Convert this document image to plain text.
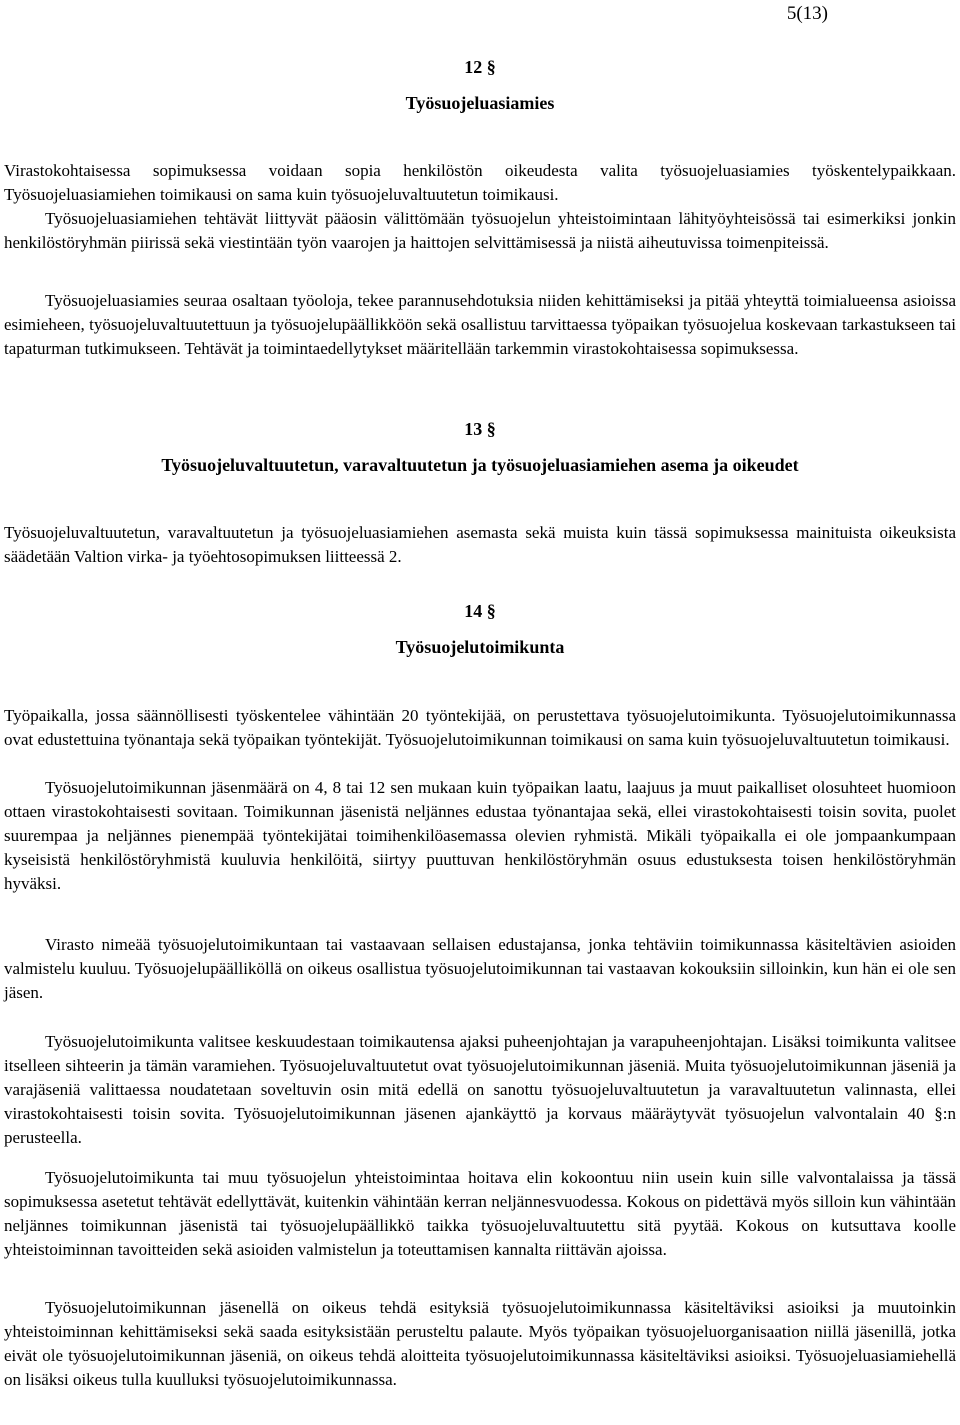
5(13)

12 §

Työsuojeluasiamies

Virastokohtaisessa sopimuksessa voidaan sopia henkilöstön oikeudesta valita työsuojeluasiamies työskentelypaikkaan. Työsuojeluasiamiehen toimikausi on sama kuin työsuojeluvaltuutetun toimikausi.

Työsuojeluasiamiehen tehtävät liittyvät pääosin välittömään työsuojelun yhteistoimintaan lähityöyhteisössä tai esimerkiksi jonkin henkilöstöryhmän piirissä sekä viestintään työn vaarojen ja haittojen selvittämisessä ja niistä aiheutuvissa toimenpiteissä.

Työsuojeluasiamies seuraa osaltaan työoloja, tekee parannusehdotuksia niiden kehittämiseksi ja pitää yhteyttä toimialueensa asioissa esimieheen, työsuojeluvaltuutettuun ja työsuojelupäällikköön sekä osallistuu tarvittaessa työpaikan työsuojelua koskevaan tarkastukseen tai tapaturman tutkimukseen. Tehtävät ja toimintaedellytykset määritellään tarkemmin virastokohtaisessa sopimuksessa.

13 §

Työsuojeluvaltuutetun, varavaltuutetun ja työsuojeluasiamiehen asema ja oikeudet

Työsuojeluvaltuutetun, varavaltuutetun ja työsuojeluasiamiehen asemasta sekä muista kuin tässä sopimuksessa mainituista oikeuksista säädetään Valtion virka- ja työehtosopimuksen liitteessä 2.

14 §

Työsuojelutoimikunta

Työpaikalla, jossa säännöllisesti työskentelee vähintään 20 työntekijää, on perustettava työsuojelutoimikunta. Työsuojelutoimikunnassa ovat edustettuina työnantaja sekä työpaikan työntekijät. Työsuojelutoimikunnan toimikausi on sama kuin työsuojeluvaltuutetun toimikausi.

Työsuojelutoimikunnan jäsenmäärä on 4, 8 tai 12 sen mukaan kuin työpaikan laatu, laajuus ja muut paikalliset olosuhteet huomioon ottaen virastokohtaisesti sovitaan. Toimikunnan jäsenistä neljännes edustaa työnantajaa sekä, ellei virastokohtaisesti toisin sovita, puolet suurempaa ja neljännes pienempää työntekijätai toimihenkilöasemassa olevien ryhmistä. Mikäli työpaikalla ei ole jompaankumpaan kyseisistä henkilöstöryhmistä kuuluvia henkilöitä, siirtyy puuttuvan henkilöstöryhmän osuus edustuksesta toisen henkilöstöryhmän hyväksi.

Virasto nimeää työsuojelutoimikuntaan tai vastaavaan sellaisen edustajansa, jonka tehtäviin toimikunnassa käsiteltävien asioiden valmistelu kuuluu. Työsuojelupäälliköllä on oikeus osallistua työsuojelutoimikunnan tai vastaavan kokouksiin silloinkin, kun hän ei ole sen jäsen.

Työsuojelutoimikunta valitsee keskuudestaan toimikautensa ajaksi puheenjohtajan ja varapuheenjohtajan. Lisäksi toimikunta valitsee itselleen sihteerin ja tämän varamiehen. Työsuojeluvaltuutetut ovat työsuojelutoimikunnan jäseniä. Muita työsuojelutoimikunnan jäseniä ja varajäseniä valittaessa noudatetaan soveltuvin osin mitä edellä on sanottu työsuojeluvaltuutetun ja varavaltuutetun valinnasta, ellei virastokohtaisesti toisin sovita. Työsuojelutoimikunnan jäsenen ajankäyttö ja korvaus määräytyvät työsuojelun valvontalain 40 §:n perusteella.

Työsuojelutoimikunta tai muu työsuojelun yhteistoimintaa hoitava elin kokoontuu niin usein kuin sille valvontalaissa ja tässä sopimuksessa asetetut tehtävät edellyttävät, kuitenkin vähintään kerran neljännesvuodessa. Kokous on pidettävä myös silloin kun vähintään neljännes toimikunnan jäsenistä tai työsuojelupäällikkö taikka työsuojeluvaltuutettu sitä pyytää. Kokous on kutsuttava koolle yhteistoiminnan tavoitteiden sekä asioiden valmistelun ja toteuttamisen kannalta riittävän ajoissa.

Työsuojelutoimikunnan jäsenellä on oikeus tehdä esityksiä työsuojelutoimikunnassa käsiteltäviksi asioiksi ja muutoinkin yhteistoiminnan kehittämiseksi sekä saada esityksistään perusteltu palaute. Myös työpaikan työsuojeluorganisaation niillä jäsenillä, jotka eivät ole työsuojelutoimikunnan jäseniä, on oikeus tehdä aloitteita työsuojelutoimikunnassa käsiteltäviksi asioiksi. Työsuojeluasiamiehellä on lisäksi oikeus tulla kuulluksi työsuojelutoimikunnassa.
